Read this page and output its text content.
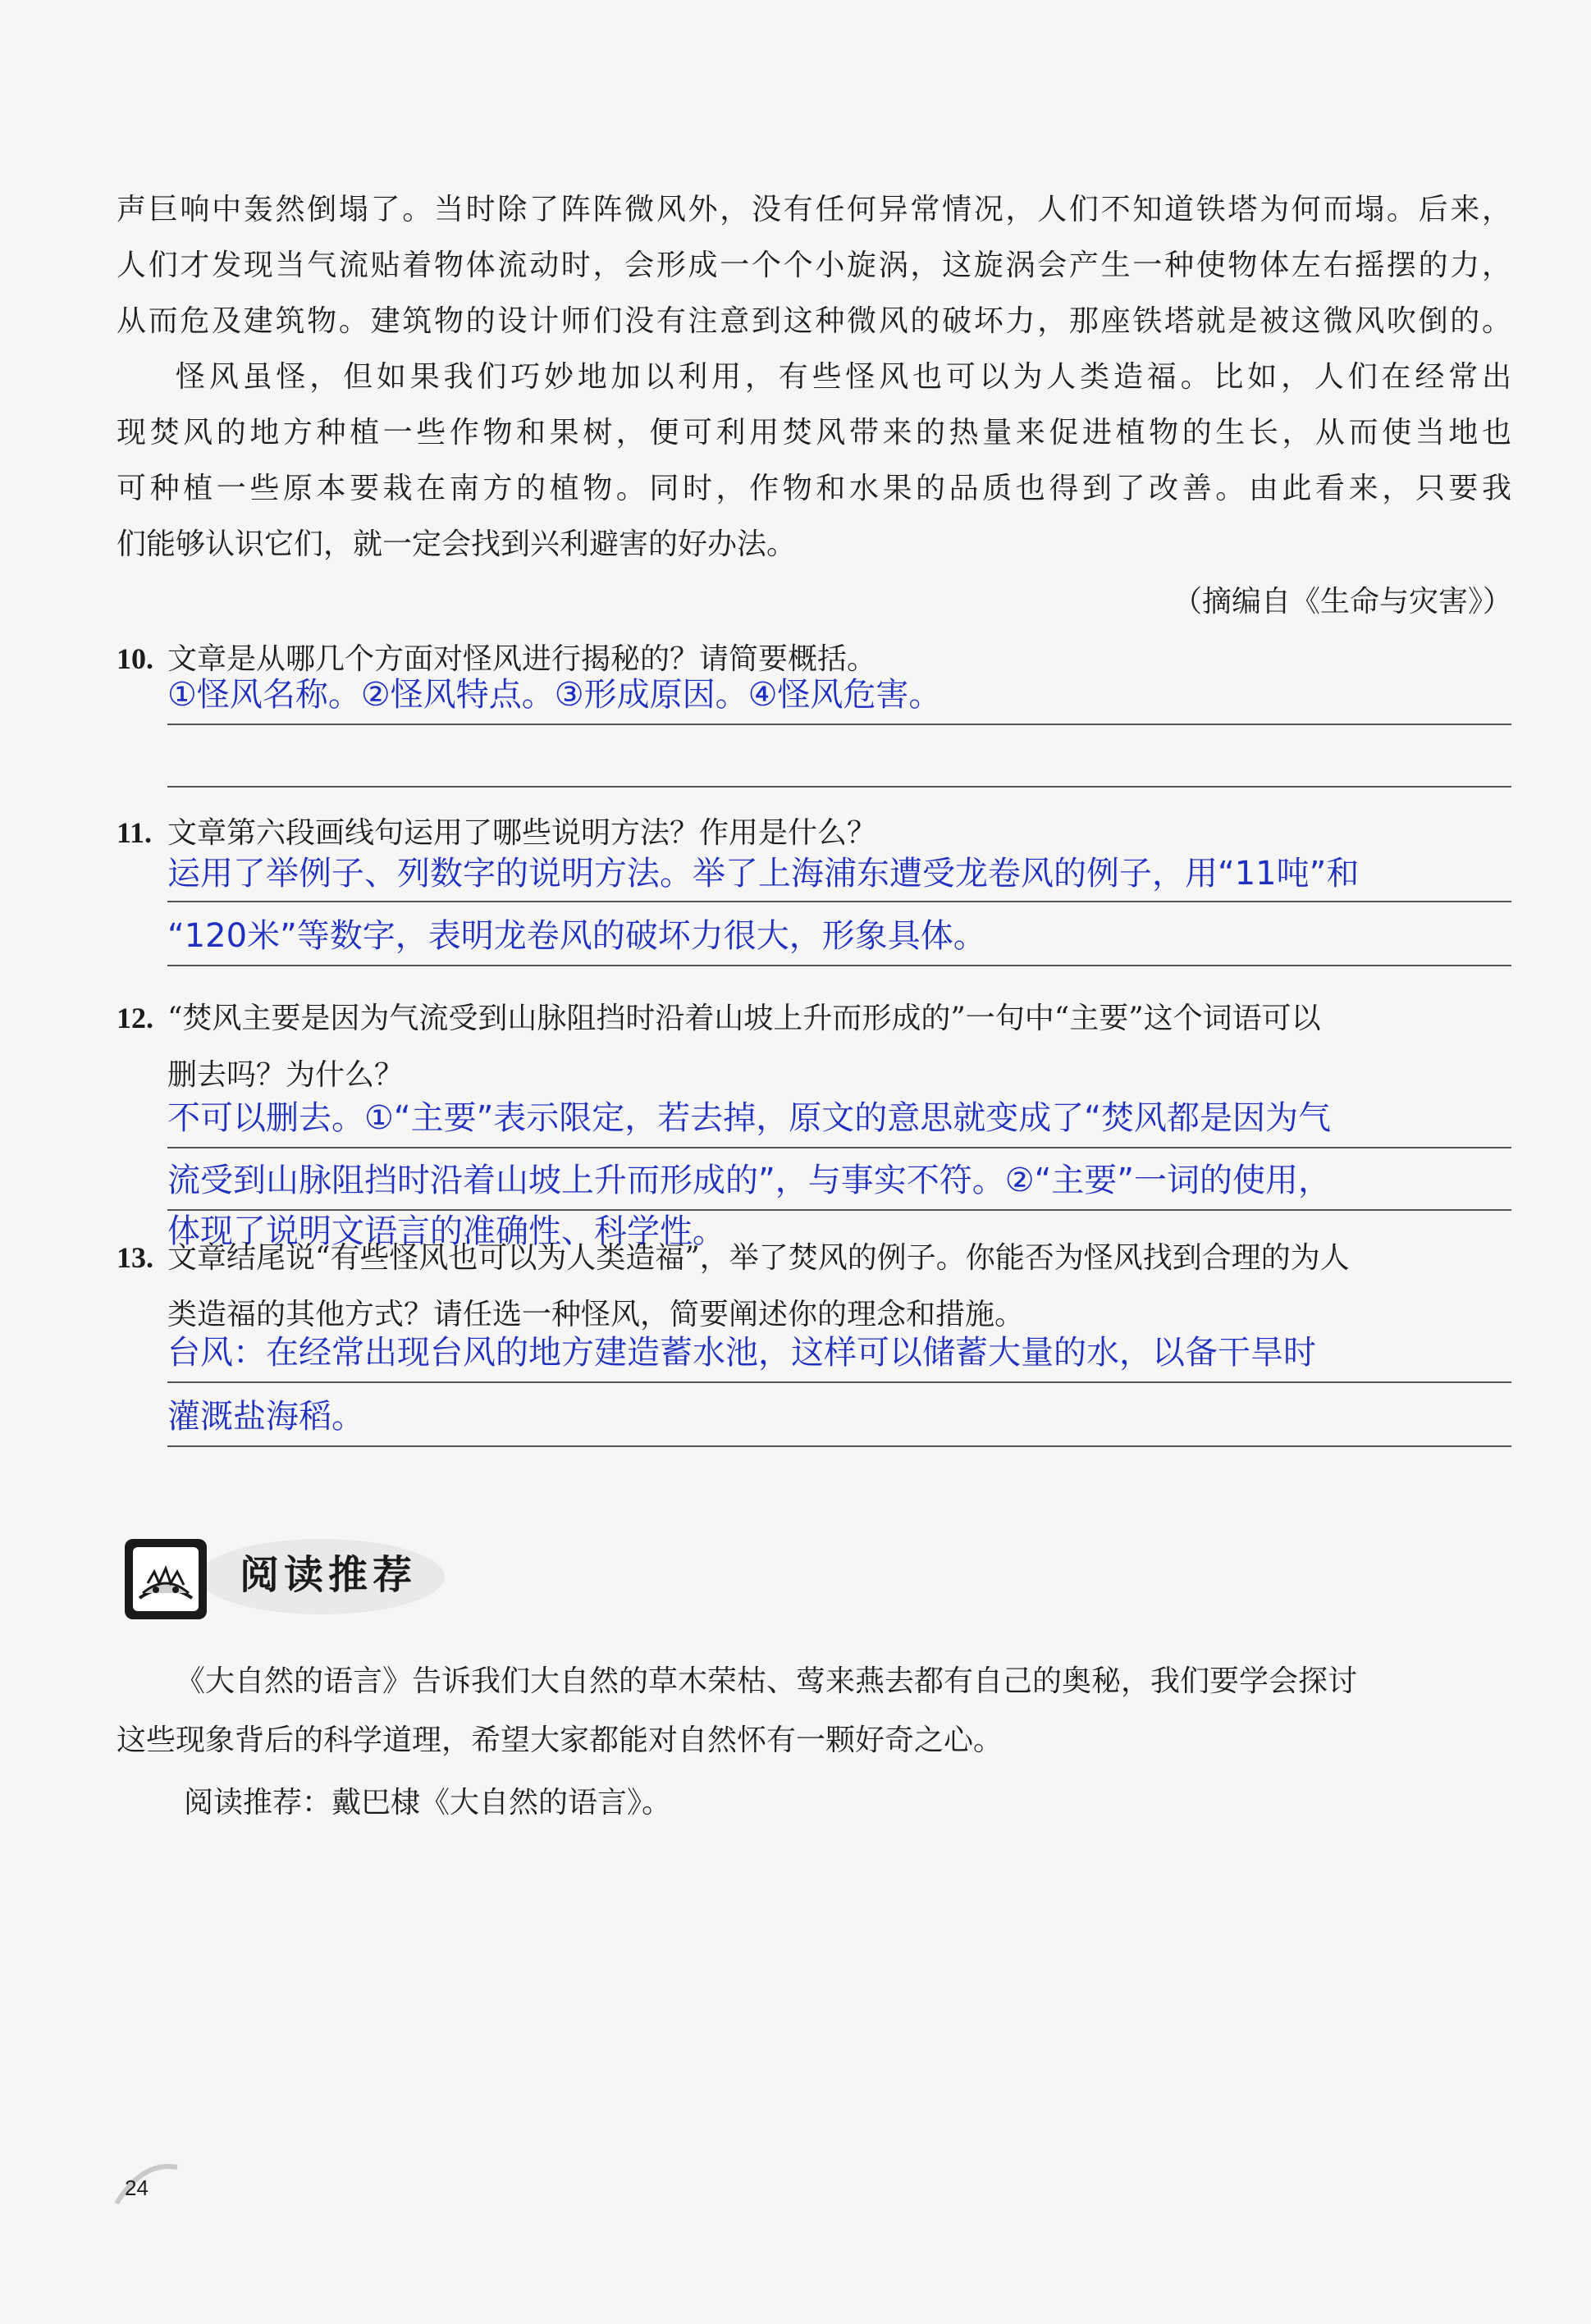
声巨响中轰然倒塌了。当时除了阵阵微风外，没有任何异常情况，人们不知道铁塔为何而塌。后来，
人们才发现当气流贴着物体流动时，会形成一个个小旋涡，这旋涡会产生一种使物体左右摇摆的力，
从而危及建筑物。建筑物的设计师们没有注意到这种微风的破坏力，那座铁塔就是被这微风吹倒的。
怪风虽怪，但如果我们巧妙地加以利用，有些怪风也可以为人类造福。比如，人们在经常出
现焚风的地方种植一些作物和果树，便可利用焚风带来的热量来促进植物的生长，从而使当地也
可种植一些原本要栽在南方的植物。同时，作物和水果的品质也得到了改善。由此看来，只要我
们能够认识它们，就一定会找到兴利避害的好办法。
（摘编自《生命与灾害》）
10. 文章是从哪几个方面对怪风进行揭秘的？请简要概括。
①怪风名称。②怪风特点。③形成原因。④怪风危害。
11. 文章第六段画线句运用了哪些说明方法？作用是什么？
运用了举例子、列数字的说明方法。举了上海浦东遭受龙卷风的例子，用“11吨”和
“120米”等数字，表明龙卷风的破坏力很大，形象具体。
12. “焚风主要是因为气流受到山脉阻挡时沿着山坡上升而形成的”一句中“主要”这个词语可以
删去吗？为什么？
不可以删去。①“主要”表示限定，若去掉，原文的意思就变成了“焚风都是因为气
流受到山脉阻挡时沿着山坡上升而形成的”，与事实不符。②“主要”一词的使用，
体现了说明文语言的准确性、科学性。
13. 文章结尾说“有些怪风也可以为人类造福”，举了焚风的例子。你能否为怪风找到合理的为人
类造福的其他方式？请任选一种怪风，简要阐述你的理念和措施。
台风：在经常出现台风的地方建造蓄水池，这样可以储蓄大量的水，以备干旱时
灌溉盐海稻。
阅读推荐
《大自然的语言》告诉我们大自然的草木荣枯、莺来燕去都有自己的奥秘，我们要学会探讨
这些现象背后的科学道理，希望大家都能对自然怀有一颗好奇之心。
阅读推荐：戴巴棣《大自然的语言》。
24
